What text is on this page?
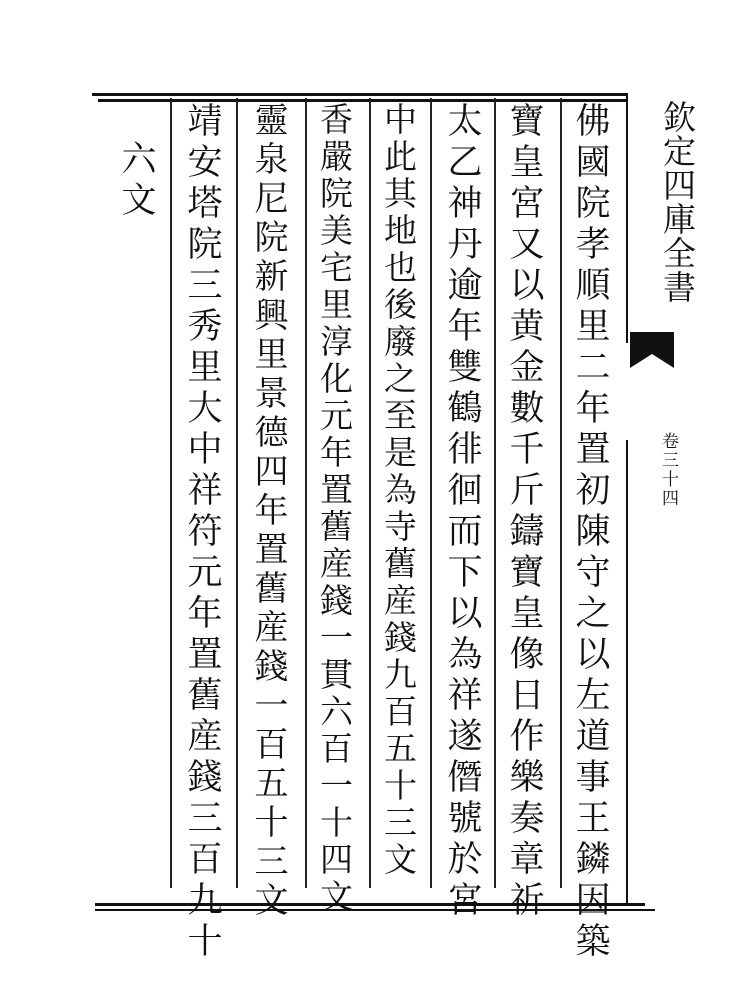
欽定四庫全書
卷三十四
佛國院孝順里二年置初陳守之以左道事王鏻因築
寶皇宮又以黄金數千斤鑄寶皇像日作樂奏章祈
太乙神丹逾年雙鶴徘徊而下以為祥遂僭號於宮
中此其地也後廢之至是為寺舊産錢九百五十三文
香嚴院美宅里淳化元年置舊産錢一貫六百一十四文
靈泉尼院新興里景德四年置舊産錢一百五十三文
靖安塔院三秀里大中祥符元年置舊産錢三百九十
六文
